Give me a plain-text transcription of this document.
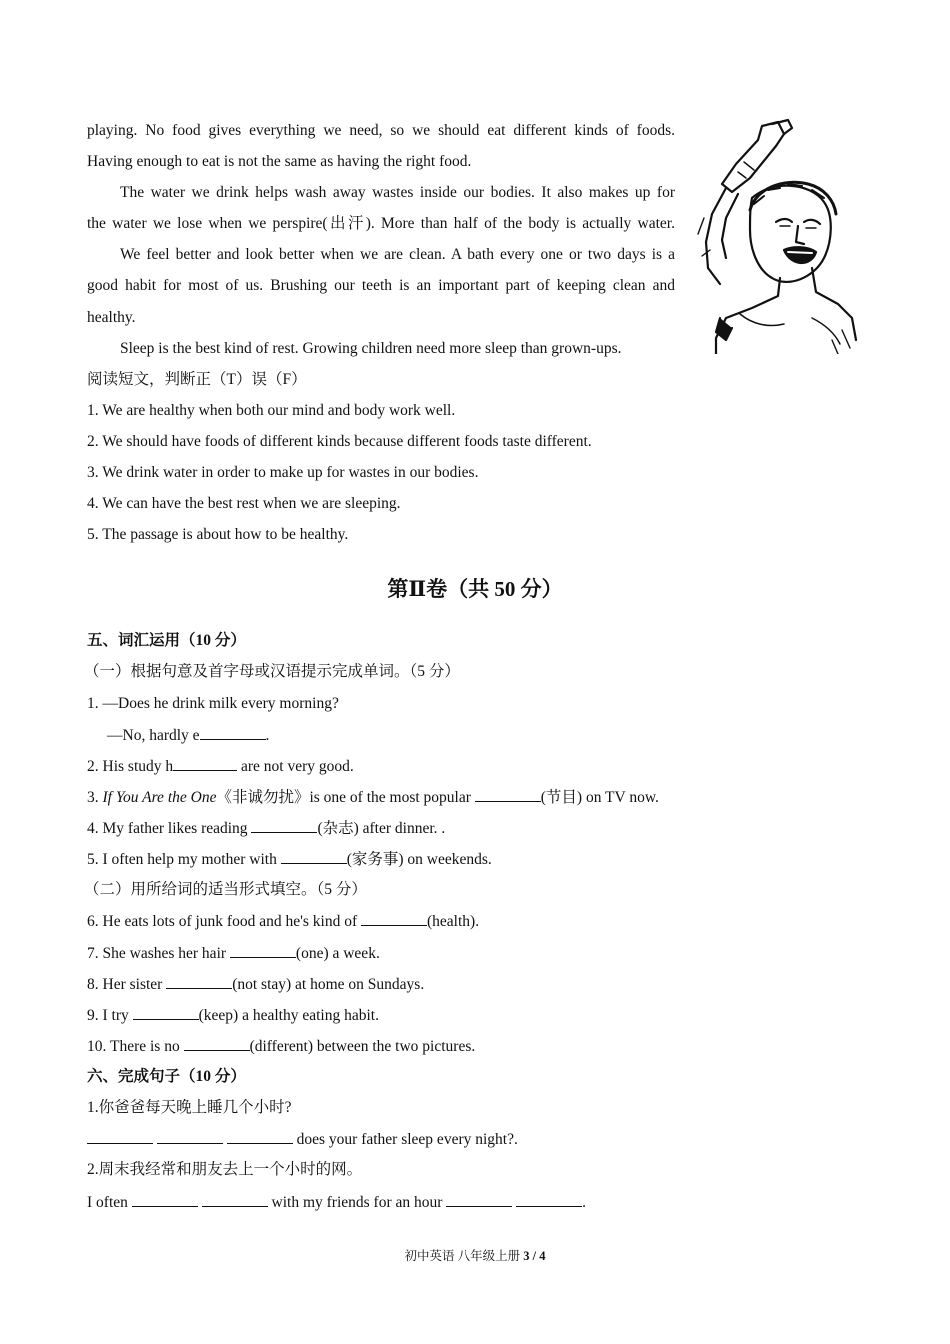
playing. No food gives everything we need, so we should eat different kinds of foods.
Having enough to eat is not the same as having the right food.
The water we drink helps wash away wastes inside our bodies. It also makes up for
the water we lose when we perspire(出汗). More than half of the body is actually water.
We feel better and look better when we are clean. A bath every one or two days is a
good habit for most of us. Brushing our teeth is an important part of keeping clean and
healthy.
Sleep is the best kind of rest. Growing children need more sleep than grown-ups.
阅读短文，判断正（T）误（F）
1. We are healthy when both our mind and body work well.
2. We should have foods of different kinds because different foods taste different.
3. We drink water in order to make up for wastes in our bodies.
4. We can have the best rest when we are sleeping.
5. The passage is about how to be healthy.
第Ⅱ卷（共 50 分）
五、词汇运用（10 分）
（一）根据句意及首字母或汉语提示完成单词。（5 分）
1. —Does he drink milk every morning?
—No, hardly e	.
2. His study h	are not very good.
3. If You Are the One《非诚勿扰》is one of the most popular	(节目) on TV now.
4. My father likes reading	(杂志) after dinner. .
5. I often help my mother with	(家务事) on weekends.
（二）用所给词的适当形式填空。（5 分）
6. He eats lots of junk food and he's kind of	(health).
7. She washes her hair	(one) a week.
8. Her sister	(not stay) at home on Sundays.
9. I try	(keep) a healthy eating habit.
10. There is no	(different) between the two pictures.
六、完成句子（10 分）
1.你爸爸每天晚上睡几个小时?
does your father sleep every night?.
2.周末我经常和朋友去上一个小时的网。
I often	with my friends for an hour	.
初中英语 八年级上册 3 / 4
